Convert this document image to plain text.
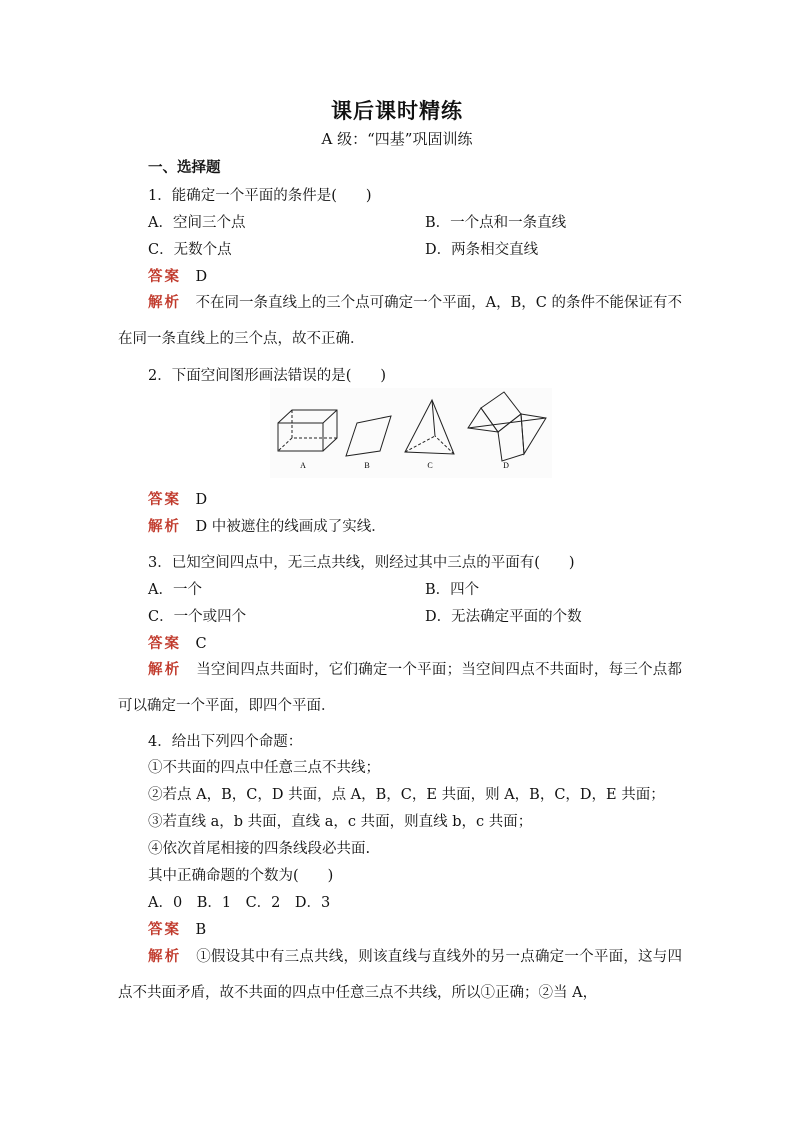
课后课时精练
A 级：“四基”巩固训练
一、选择题
1．能确定一个平面的条件是(　　)
A．空间三个点	B．一个点和一条直线
C．无数个点	D．两条相交直线
答案　 D
解析　 不在同一条直线上的三个点可确定一个平面，A，B，C 的条件不能保证有不在同一条直线上的三个点，故不正确．
2．下面空间图形画法错误的是(　　)
A	B	C	D
答案　 D
解析　 D 中被遮住的线画成了实线．
3．已知空间四点中，无三点共线，则经过其中三点的平面有(　　)
A．一个	B．四个
C．一个或四个	D．无法确定平面的个数
答案　 C
解析　 当空间四点共面时，它们确定一个平面；当空间四点不共面时，每三个点都可以确定一个平面，即四个平面．
4．给出下列四个命题：
①不共面的四点中任意三点不共线；
②若点 A，B，C，D 共面，点 A，B，C，E 共面，则 A，B，C，D，E 共面；
③若直线 a，b 共面，直线 a，c 共面，则直线 b，c 共面；
④依次首尾相接的四条线段必共面.
其中正确命题的个数为(　　)
A．0　B．1　C．2　D．3
答案　 B
解析　 ①假设其中有三点共线，则该直线与直线外的另一点确定一个平面，这与四点不共面矛盾，故不共面的四点中任意三点不共线，所以①正确；②当 A，
